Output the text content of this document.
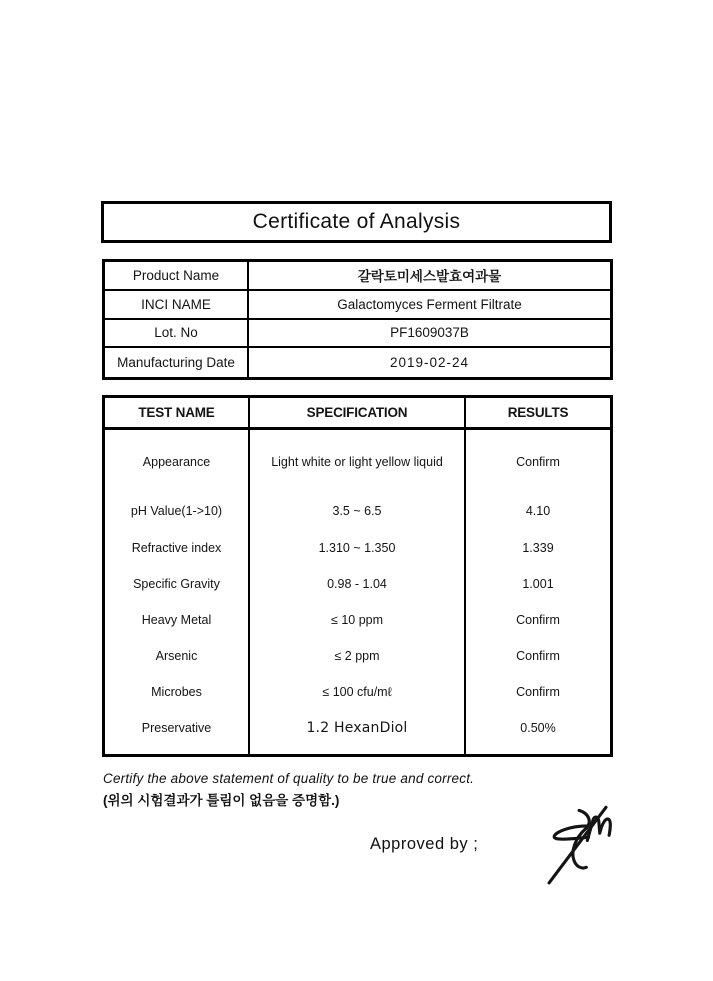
Certificate of Analysis
Product Name	갈락토미세스발효여과물
INCI NAME	Galactomyces Ferment Filtrate
Lot. No	PF1609037B
Manufacturing Date	2019-02-24
TEST NAME	SPECIFICATION	RESULTS
Appearance	Light white or light yellow liquid	Confirm
pH Value(1->10)	3.5 ~ 6.5	4.10
Refractive index	1.310 ~ 1.350	1.339
Specific Gravity	0.98 - 1.04	1.001
Heavy Metal	≤ 10 ppm	Confirm
Arsenic	≤ 2 ppm	Confirm
Microbes	≤ 100 cfu/mℓ	Confirm
Preservative	1.2 HexanDiol	0.50%
Certify the above statement of quality to be true and correct.
(위의 시험결과가 틀림이 없음을 증명함.)
Approved by ;
